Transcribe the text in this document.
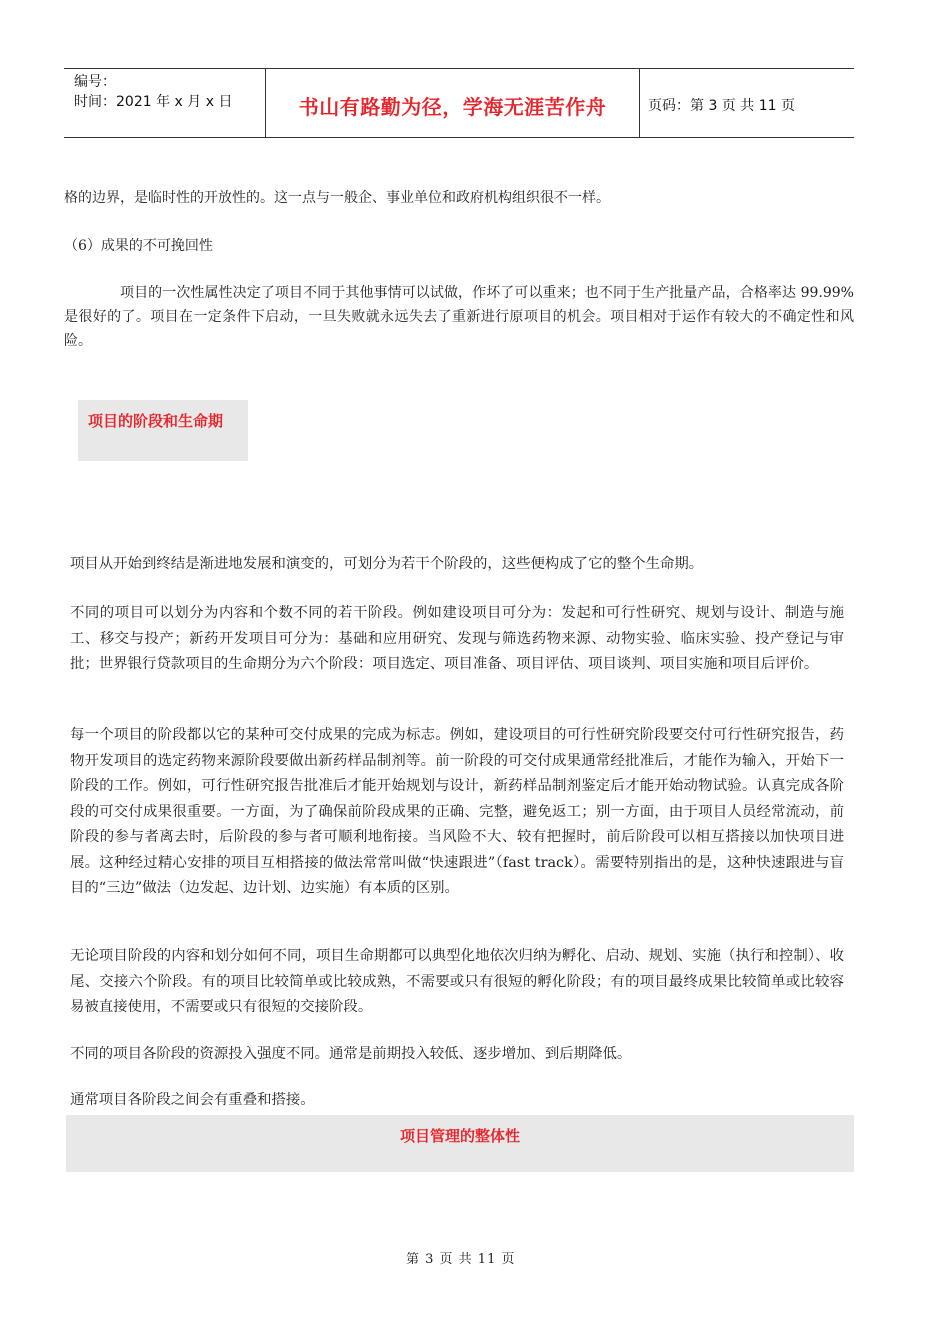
编号：
时间：2021 年 x 月 x 日	书山有路勤为径，学海无涯苦作舟	页码：第 3 页 共 11 页
格的边界，是临时性的开放性的。这一点与一般企、事业单位和政府机构组织很不一样。
（6）成果的不可挽回性
项目的一次性属性决定了项目不同于其他事情可以试做，作坏了可以重来；也不同于生产批量产品，合格率达 99.99% 是很好的了。项目在一定条件下启动，一旦失败就永远失去了重新进行原项目的机会。项目相对于运作有较大的不确定性和风险。
项目的阶段和生命期
项目从开始到终结是渐进地发展和演变的，可划分为若干个阶段的，这些便构成了它的整个生命期。
不同的项目可以划分为内容和个数不同的若干阶段。例如建设项目可分为：发起和可行性研究、规划与设计、制造与施工、移交与投产；新药开发项目可分为：基础和应用研究、发现与筛选药物来源、动物实验、临床实验、投产登记与审批；世界银行贷款项目的生命期分为六个阶段：项目选定、项目准备、项目评估、项目谈判、项目实施和项目后评价。
每一个项目的阶段都以它的某种可交付成果的完成为标志。例如，建设项目的可行性研究阶段要交付可行性研究报告，药物开发项目的选定药物来源阶段要做出新药样品制剂等。前一阶段的可交付成果通常经批准后，才能作为输入，开始下一阶段的工作。例如，可行性研究报告批准后才能开始规划与设计，新药样品制剂鉴定后才能开始动物试验。认真完成各阶段的可交付成果很重要。一方面，为了确保前阶段成果的正确、完整，避免返工；别一方面，由于项目人员经常流动，前阶段的参与者离去时，后阶段的参与者可顺利地衔接。当风险不大、较有把握时，前后阶段可以相互搭接以加快项目进展。这种经过精心安排的项目互相搭接的做法常常叫做“快速跟进”（fast track）。需要特别指出的是，这种快速跟进与盲目的“三边”做法（边发起、边计划、边实施）有本质的区别。
无论项目阶段的内容和划分如何不同，项目生命期都可以典型化地依次归纳为孵化、启动、规划、实施（执行和控制）、收尾、交接六个阶段。有的项目比较简单或比较成熟，不需要或只有很短的孵化阶段；有的项目最终成果比较简单或比较容易被直接使用，不需要或只有很短的交接阶段。
不同的项目各阶段的资源投入强度不同。通常是前期投入较低、逐步增加、到后期降低。
通常项目各阶段之间会有重叠和搭接。
项目管理的整体性
第 3 页 共 11 页
